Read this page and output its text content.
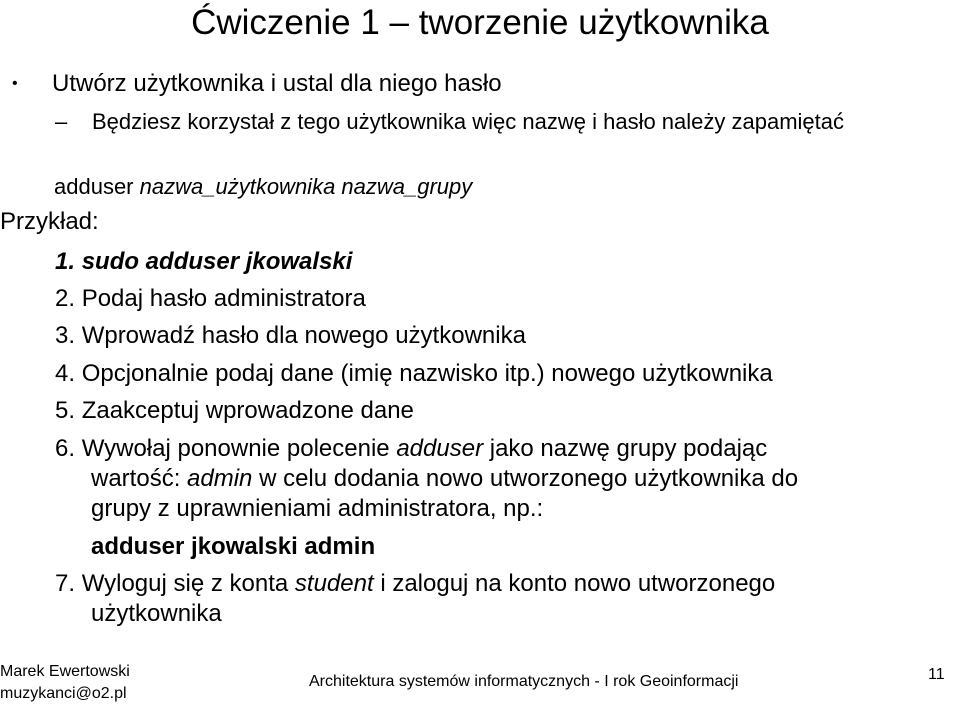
Ćwiczenie 1 – tworzenie użytkownika
• Utwórz użytkownika i ustal dla niego hasło
– Będziesz korzystał z tego użytkownika więc nazwę i hasło należy zapamiętać
adduser nazwa_użytkownika nazwa_grupy
Przykład:
1. sudo adduser jkowalski
2. Podaj hasło administratora
3. Wprowadź hasło dla nowego użytkownika
4. Opcjonalnie podaj dane (imię nazwisko itp.) nowego użytkownika
5. Zaakceptuj wprowadzone dane
6. Wywołaj ponownie polecenie adduser jako nazwę grupy podając
wartość: admin w celu dodania nowo utworzonego użytkownika do
grupy z uprawnieniami administratora, np.:
adduser jkowalski admin
7. Wyloguj się z konta student i zaloguj na konto nowo utworzonego
użytkownika
Marek Ewertowski
muzykanci@o2.pl
Architektura systemów informatycznych - I rok Geoinformacji	11
